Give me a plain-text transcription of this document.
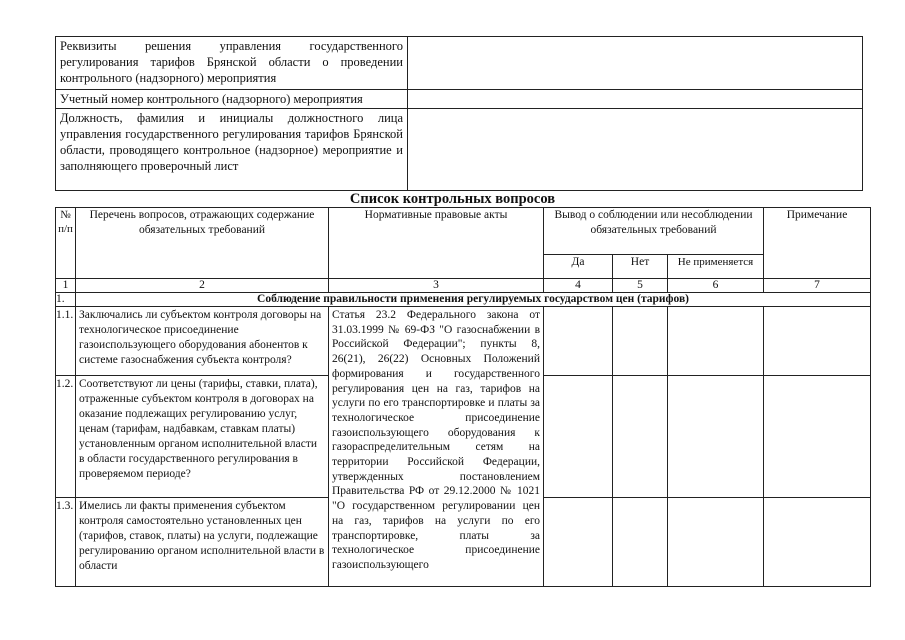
Реквизиты решения управления государственного регулирования тарифов Брянской области о проведении контрольного (надзорного) мероприятия	
Учетный номер контрольного (надзорного) мероприятия	
Должность, фамилия и инициалы должностного лица управления государственного регулирования тарифов Брянской области, проводящего контрольное (надзорное) мероприятие и заполняющего проверочный лист	
Список контрольных вопросов
№ п/п	Перечень вопросов, отражающих содержание обязательных требований	Нормативные правовые акты	Вывод о соблюдении или несоблюдении обязательных требований			Примечание
			Да	Нет	Не применяется	
1	2	3	4	5	6	7
1.	Соблюдение правильности применения регулируемых государством цен (тарифов)					
1.1.	Заключались ли субъектом контроля договоры на технологическое присоединение газоиспользующего оборудования абонентов к системе газоснабжения субъекта контроля?	Статья 23.2 Федерального закона от 31.03.1999 № 69-ФЗ "О газоснабжении в Российской Федерации"; пункты 8, 26(21), 26(22) Основных Положений формирования и государственного регулирования цен на газ, тарифов на услуги по его транспортировке и платы за технологическое присоединение газоиспользующего оборудования к газораспределительным сетям на территории Российской Федерации, утвержденных постановлением Правительства РФ от 29.12.2000 № 1021 "О государственном регулировании цен на газ, тарифов на услуги по его транспортировке, платы за технологическое присоединение газоиспользующего				
1.2.	Соответствуют ли цены (тарифы, ставки, плата), отраженные субъектом контроля в договорах на оказание подлежащих регулированию услуг, ценам (тарифам, надбавкам, ставкам платы) установленным органом исполнительной власти в области государственного регулирования в проверяемом периоде?					
1.3.	Имелись ли факты применения субъектом контроля самостоятельно установленных цен (тарифов, ставок, платы) на услуги, подлежащие регулированию органом исполнительной власти в области					
